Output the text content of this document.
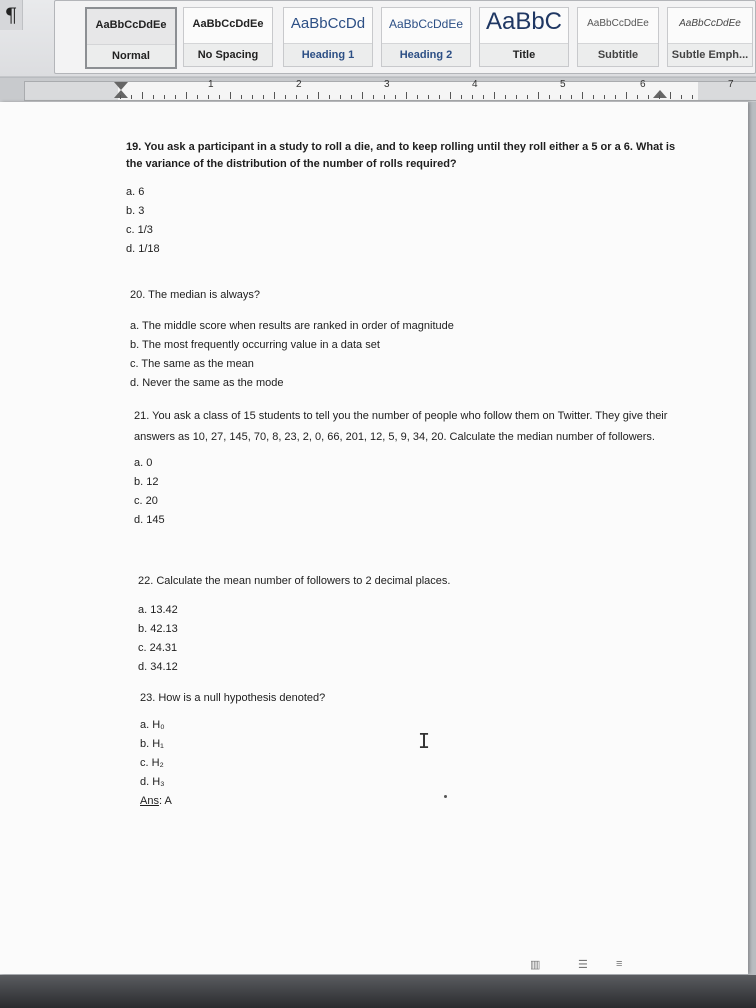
¶	AaBbCcDdEe
Normal
AaBbCcDdEe
No Spacing
AaBbCcDd
Heading 1
AaBbCcDdEe
Heading 2
AaBbC
Title
AaBbCcDdEe
Subtitle
AaBbCcDdEe
Subtle Emph...
1	2	3	4	5	6	7
19. You ask a participant in a study to roll a die, and to keep rolling until they roll either a 5 or a 6. What is the variance of the distribution of the number of rolls required?
a. 6
b. 3
c. 1/3
d. 1/18
20. The median is always?
a. The middle score when results are ranked in order of magnitude
b. The most frequently occurring value in a data set
c. The same as the mean
d. Never the same as the mode
21. You ask a class of 15 students to tell you the number of people who follow them on Twitter. They give their answers as 10, 27, 145, 70, 8, 23, 2, 0, 66, 201, 12, 5, 9, 34, 20. Calculate the median number of followers.
a. 0
b. 12
c. 20
d. 145
22. Calculate the mean number of followers to 2 decimal places.
a. 13.42
b. 42.13
c. 24.31
d. 34.12
23. How is a null hypothesis denoted?
a. H₀
b. H₁
c. H₂
d. H₃
Ans: A
I
▥	☰	≡
